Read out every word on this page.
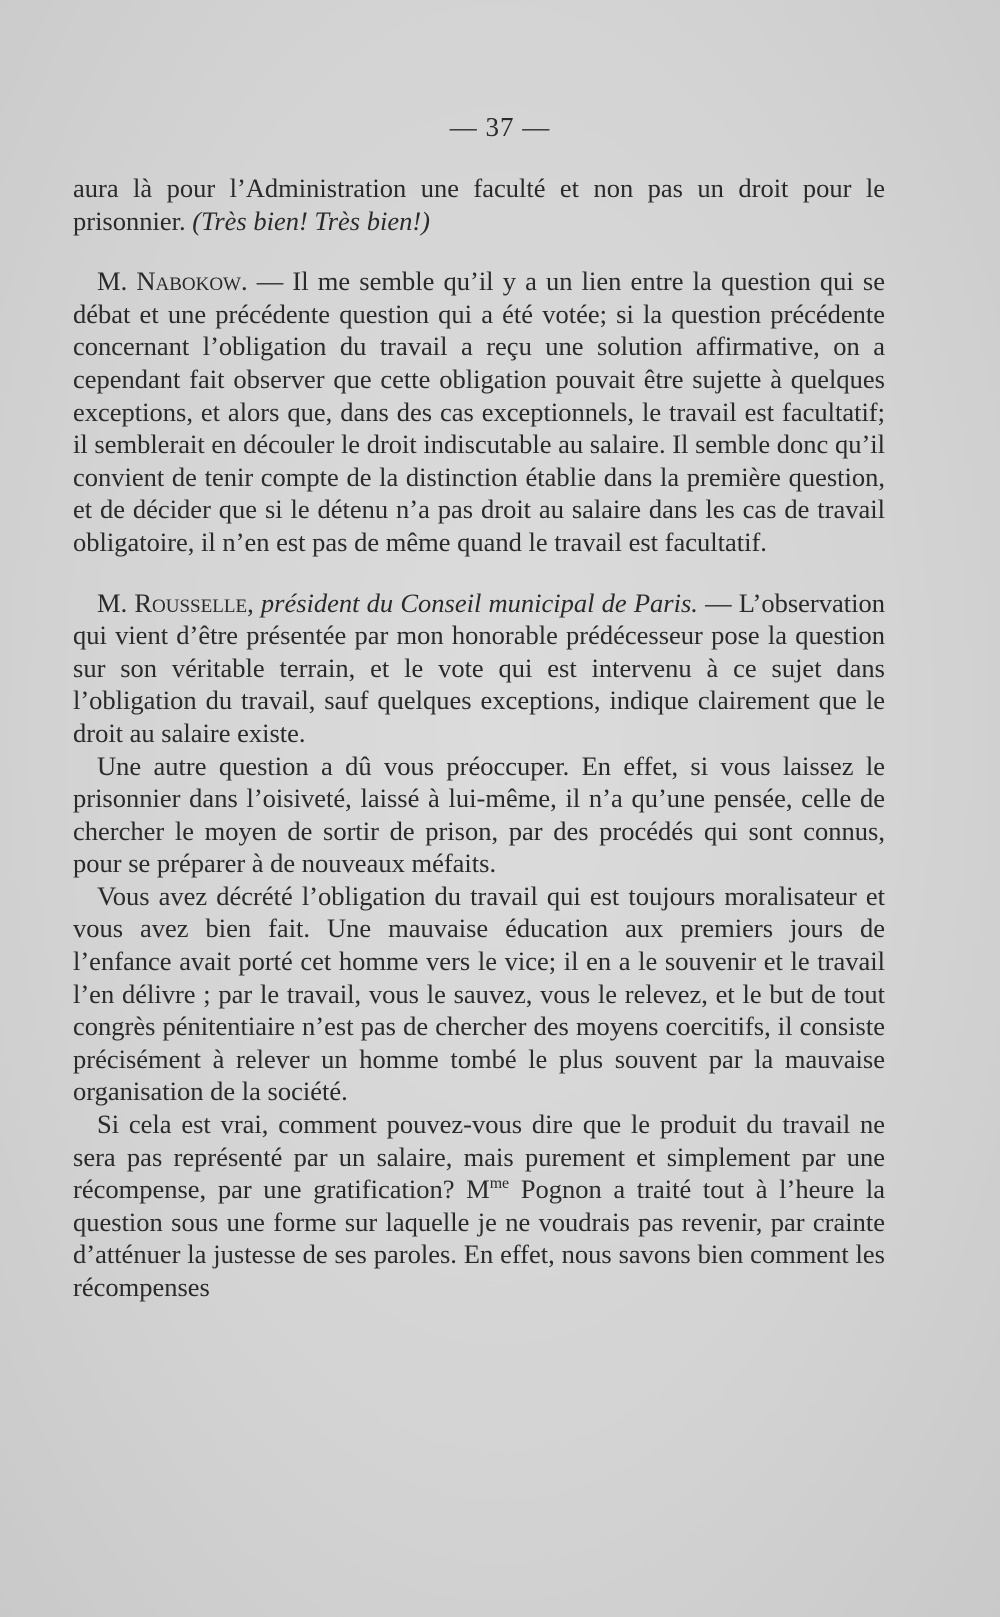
— 37 —

aura là pour l’Administration une faculté et non pas un droit pour le prisonnier. (Très bien! Très bien!)

M. Nabokow. — Il me semble qu’il y a un lien entre la question qui se débat et une précédente question qui a été votée; si la question précédente concernant l’obligation du travail a reçu une solution affirmative, on a cependant fait observer que cette obligation pouvait être sujette à quelques exceptions, et alors que, dans des cas exceptionnels, le travail est facultatif; il semblerait en découler le droit indiscutable au salaire. Il semble donc qu’il convient de tenir compte de la distinction établie dans la première question, et de décider que si le détenu n’a pas droit au salaire dans les cas de travail obligatoire, il n’en est pas de même quand le travail est facultatif.

M. Rousselle, président du Conseil municipal de Paris. — L’observation qui vient d’être présentée par mon honorable prédécesseur pose la question sur son véritable terrain, et le vote qui est intervenu à ce sujet dans l’obligation du travail, sauf quelques exceptions, indique clairement que le droit au salaire existe.

Une autre question a dû vous préoccuper. En effet, si vous laissez le prisonnier dans l’oisiveté, laissé à lui-même, il n’a qu’une pensée, celle de chercher le moyen de sortir de prison, par des procédés qui sont connus, pour se préparer à de nouveaux méfaits.

Vous avez décrété l’obligation du travail qui est toujours moralisateur et vous avez bien fait. Une mauvaise éducation aux premiers jours de l’enfance avait porté cet homme vers le vice; il en a le souvenir et le travail l’en délivre ; par le travail, vous le sauvez, vous le relevez, et le but de tout congrès pénitentiaire n’est pas de chercher des moyens coercitifs, il consiste précisément à relever un homme tombé le plus souvent par la mauvaise organisation de la société.

Si cela est vrai, comment pouvez-vous dire que le produit du travail ne sera pas représenté par un salaire, mais purement et simplement par une récompense, par une gratification? $M^{me}$ Pognon a traité tout à l’heure la question sous une forme sur laquelle je ne voudrais pas revenir, par crainte d’atténuer la justesse de ses paroles. En effet, nous savons bien comment les récompenses
